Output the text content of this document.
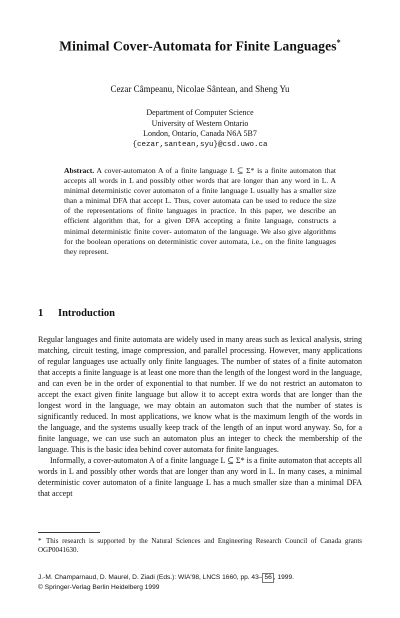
Minimal Cover-Automata for Finite Languages*
Cezar Câmpeanu, Nicolae Sântean, and Sheng Yu
Department of Computer Science
University of Western Ontario
London, Ontario, Canada N6A 5B7
{cezar,santean,syu}@csd.uwo.ca
Abstract. A cover-automaton A of a finite language L ⊆ Σ* is a finite automaton that accepts all words in L and possibly other words that are longer than any word in L. A minimal deterministic cover automaton of a finite language L usually has a smaller size than a minimal DFA that accept L. Thus, cover automata can be used to reduce the size of the representations of finite languages in practice. In this paper, we describe an efficient algorithm that, for a given DFA accepting a finite language, constructs a minimal deterministic finite cover- automaton of the language. We also give algorithms for the boolean operations on deterministic cover automata, i.e., on the finite languages they represent.
1 Introduction

Regular languages and finite automata are widely used in many areas such as lexical analysis, string matching, circuit testing, image compression, and parallel processing. However, many applications of regular languages use actually only finite languages. The number of states of a finite automaton that accepts a finite language is at least one more than the length of the longest word in the language, and can even be in the order of exponential to that number. If we do not restrict an automaton to accept the exact given finite language but allow it to accept extra words that are longer than the longest word in the language, we may obtain an automaton such that the number of states is significantly reduced. In most applications, we know what is the maximum length of the words in the language, and the systems usually keep track of the length of an input word anyway. So, for a finite language, we can use such an automaton plus an integer to check the membership of the language. This is the basic idea behind cover automata for finite languages.

Informally, a cover-automaton A of a finite language L ⊆ Σ* is a finite automaton that accepts all words in L and possibly other words that are longer than any word in L. In many cases, a minimal deterministic cover automaton of a finite language L has a much smaller size than a minimal DFA that accept

* This research is supported by the Natural Sciences and Engineering Research Council of Canada grants OGP0041630.
J.-M. Champarnaud, D. Maurel, D. Ziadi (Eds.): WIA'98, LNCS 1660, pp. 43– 56 , 1999.
© Springer-Verlag Berlin Heidelberg 1999
